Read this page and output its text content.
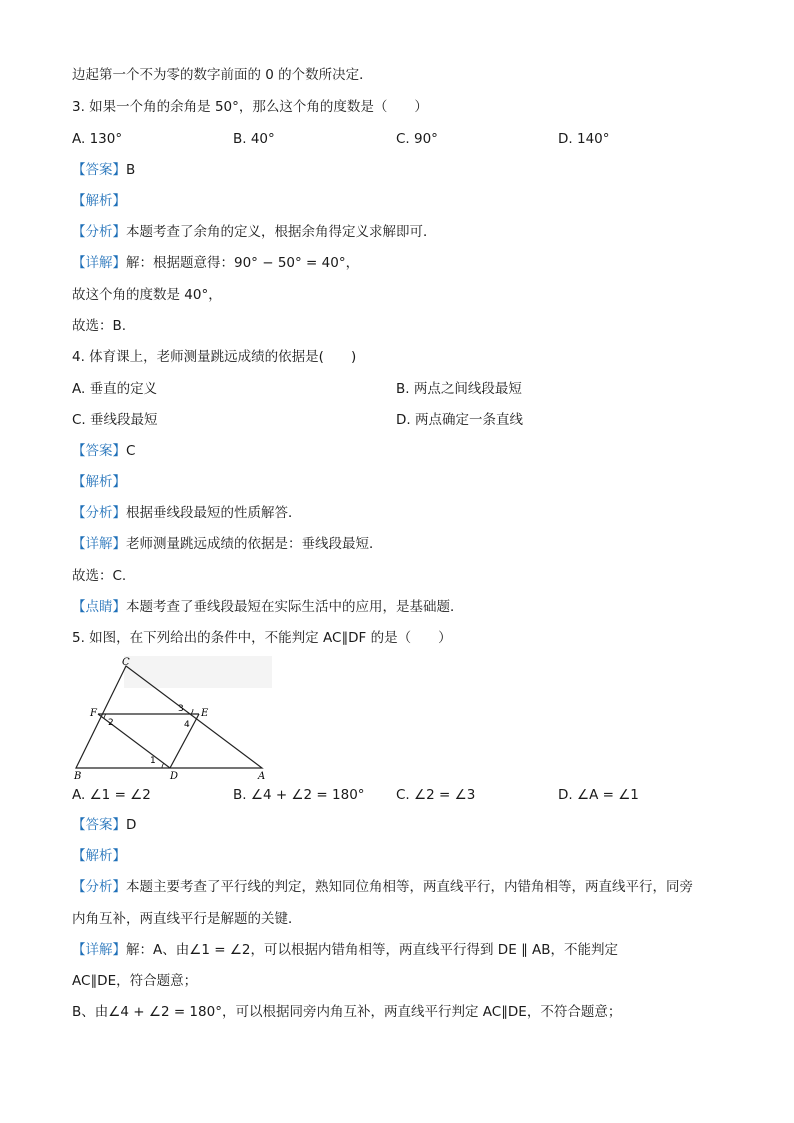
边起第一个不为零的数字前面的 0 的个数所决定．
3. 如果一个角的余角是 50°，那么这个角的度数是（　　）
A. 130°	B. 40°	C. 90°	D. 140°
【答案】B
【解析】
【分析】本题考查了余角的定义，根据余角得定义求解即可．
【详解】解：根据题意得：90° − 50° = 40°，
故这个角的度数是 40°，
故选：B.
4. 体育课上，老师测量跳远成绩的依据是(　　)
A. 垂直的定义	B. 两点之间线段最短
C. 垂线段最短	D. 两点确定一条直线
【答案】C
【解析】
【分析】根据垂线段最短的性质解答．
【详解】老师测量跳远成绩的依据是：垂线段最短．
故选：C.
【点睛】本题考查了垂线段最短在实际生活中的应用，是基础题．
5. 如图，在下列给出的条件中，不能判定 AC∥DF 的是（　　）
C
F	E
B	D	A
1
2
3
4
A. ∠1 = ∠2	B. ∠4 + ∠2 = 180° C. ∠2 = ∠3	D. ∠A = ∠1
【答案】D
【解析】
【分析】本题主要考查了平行线的判定，熟知同位角相等，两直线平行，内错角相等，两直线平行，同旁
内角互补，两直线平行是解题的关键．
【详解】解：A、由∠1 = ∠2，可以根据内错角相等，两直线平行得到 DE ∥ AB，不能判定
AC∥DE，符合题意；
B、由∠4 + ∠2 = 180°，可以根据同旁内角互补，两直线平行判定 AC∥DE，不符合题意；
